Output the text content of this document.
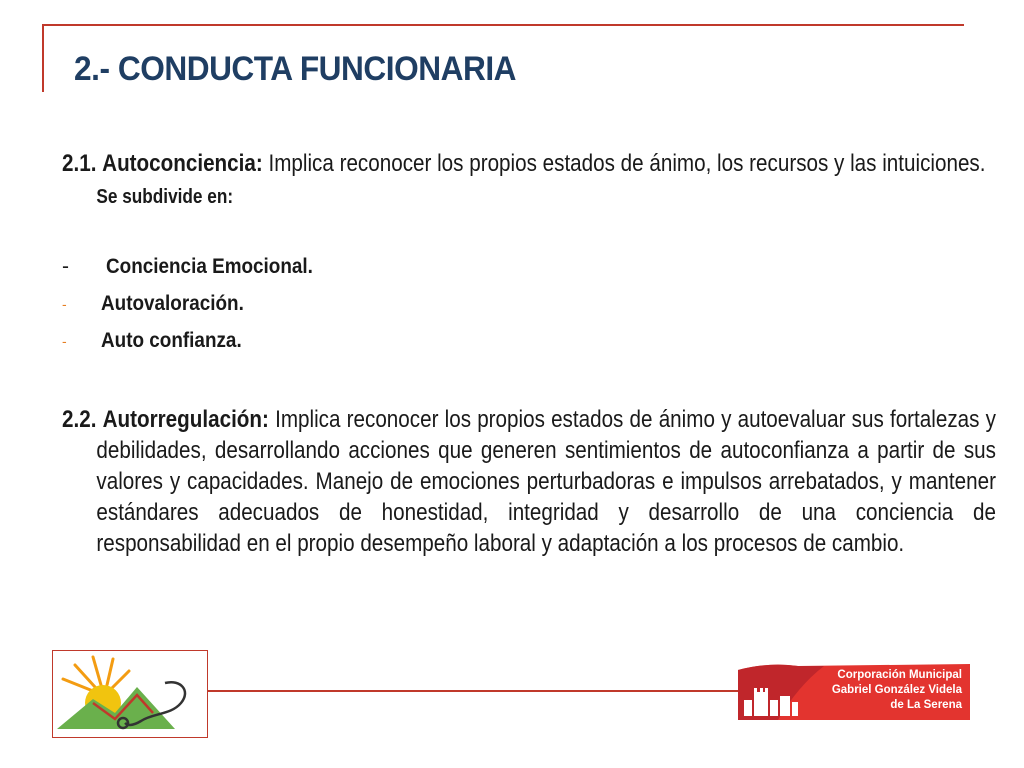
2.- CONDUCTA FUNCIONARIA

2.1. Autoconciencia: Implica reconocer los propios estados de ánimo, los recursos y las intuiciones. Se subdivide en:

- Conciencia Emocional.
- Autovaloración.
- Auto confianza.

2.2. Autorregulación: Implica reconocer los propios estados de ánimo y autoevaluar sus fortalezas y debilidades, desarrollando acciones que generen sentimientos de autoconfianza a partir de sus valores y capacidades. Manejo de emociones perturbadoras e impulsos arrebatados, y mantener estándares adecuados de honestidad, integridad y desarrollo de una conciencia de responsabilidad en el propio desempeño laboral y adaptación a los procesos de cambio.

Corporación Municipal
Gabriel González Videla
de La Serena
